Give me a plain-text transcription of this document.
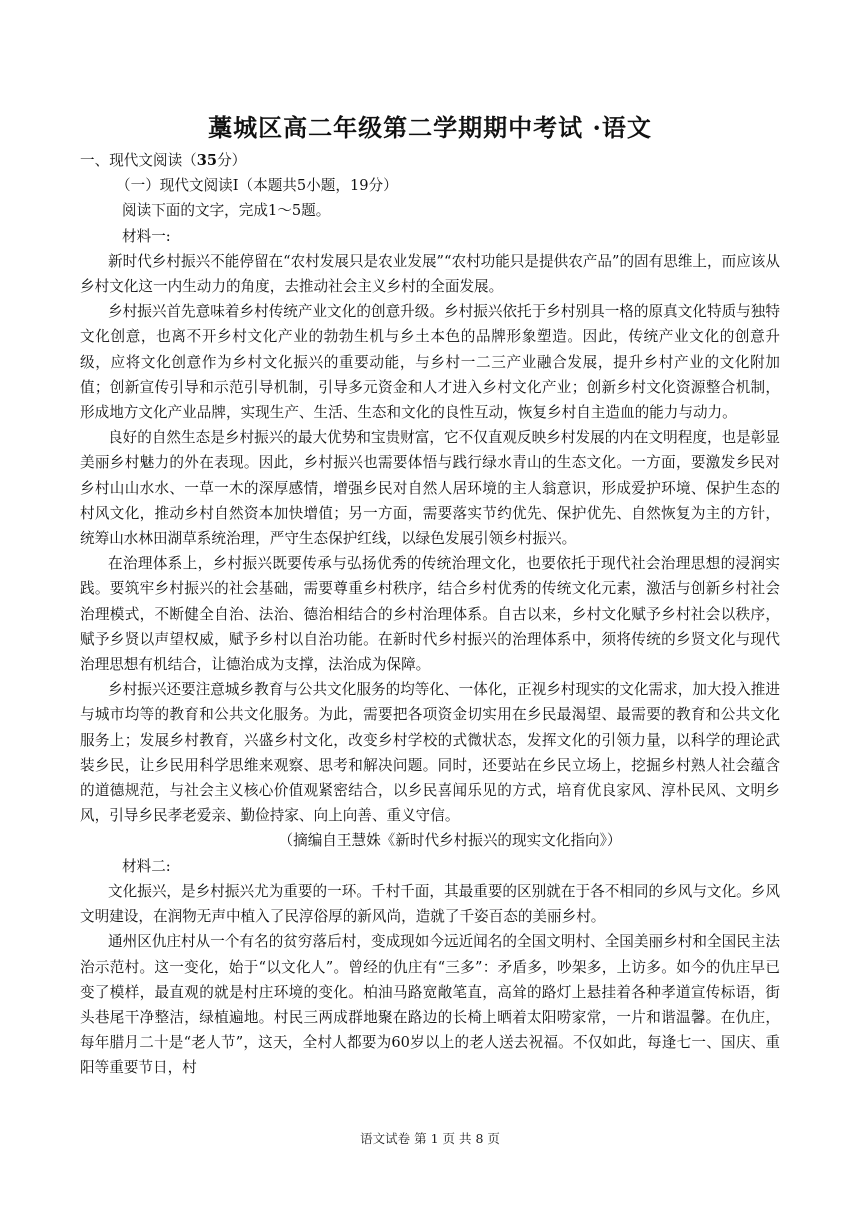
藁城区高二年级第二学期期中考试 ·语文

一、现代文阅读（35分）

（一）现代文阅读Ⅰ（本题共5小题，19分）

阅读下面的文字，完成1～5题。

材料一:

新时代乡村振兴不能停留在“农村发展只是农业发展”“农村功能只是提供农产品”的固有思维上，而应该从乡村文化这一内生动力的角度，去推动社会主义乡村的全面发展。

乡村振兴首先意味着乡村传统产业文化的创意升级。乡村振兴依托于乡村别具一格的原真文化特质与独特文化创意，也离不开乡村文化产业的勃勃生机与乡土本色的品牌形象塑造。因此，传统产业文化的创意升级，应将文化创意作为乡村文化振兴的重要动能，与乡村一二三产业融合发展，提升乡村产业的文化附加值；创新宣传引导和示范引导机制，引导多元资金和人才进入乡村文化产业；创新乡村文化资源整合机制，形成地方文化产业品牌，实现生产、生活、生态和文化的良性互动，恢复乡村自主造血的能力与动力。

良好的自然生态是乡村振兴的最大优势和宝贵财富，它不仅直观反映乡村发展的内在文明程度，也是彰显美丽乡村魅力的外在表现。因此，乡村振兴也需要体悟与践行绿水青山的生态文化。一方面，要激发乡民对乡村山山水水、一草一木的深厚感情，增强乡民对自然人居环境的主人翁意识，形成爱护环境、保护生态的村风文化，推动乡村自然资本加快增值；另一方面，需要落实节约优先、保护优先、自然恢复为主的方针，统筹山水林田湖草系统治理，严守生态保护红线，以绿色发展引领乡村振兴。

在治理体系上，乡村振兴既要传承与弘扬优秀的传统治理文化，也要依托于现代社会治理思想的浸润实践。要筑牢乡村振兴的社会基础，需要尊重乡村秩序，结合乡村优秀的传统文化元素，激活与创新乡村社会治理模式，不断健全自治、法治、德治相结合的乡村治理体系。自古以来，乡村文化赋予乡村社会以秩序，赋予乡贤以声望权威，赋予乡村以自治功能。在新时代乡村振兴的治理体系中，须将传统的乡贤文化与现代治理思想有机结合，让德治成为支撑，法治成为保障。

乡村振兴还要注意城乡教育与公共文化服务的均等化、一体化，正视乡村现实的文化需求，加大投入推进与城市均等的教育和公共文化服务。为此，需要把各项资金切实用在乡民最渴望、最需要的教育和公共文化服务上；发展乡村教育，兴盛乡村文化，改变乡村学校的式微状态，发挥文化的引领力量，以科学的理论武装乡民，让乡民用科学思维来观察、思考和解决问题。同时，还要站在乡民立场上，挖掘乡村熟人社会蕴含的道德规范，与社会主义核心价值观紧密结合，以乡民喜闻乐见的方式，培育优良家风、淳朴民风、文明乡风，引导乡民孝老爱亲、勤俭持家、向上向善、重义守信。

（摘编自王慧姝《新时代乡村振兴的现实文化指向》）

材料二:

文化振兴，是乡村振兴尤为重要的一环。千村千面，其最重要的区别就在于各不相同的乡风与文化。乡风文明建设，在润物无声中植入了民淳俗厚的新风尚，造就了千姿百态的美丽乡村。

通州区仇庄村从一个有名的贫穷落后村，变成现如今远近闻名的全国文明村、全国美丽乡村和全国民主法治示范村。这一变化，始于“以文化人”。曾经的仇庄有“三多”：矛盾多，吵架多，上访多。如今的仇庄早已变了模样，最直观的就是村庄环境的变化。柏油马路宽敞笔直，高耸的路灯上悬挂着各种孝道宣传标语，街头巷尾干净整洁，绿植遍地。村民三两成群地聚在路边的长椅上晒着太阳唠家常，一片和谐温馨。在仇庄，每年腊月二十是“老人节”，这天，全村人都要为60岁以上的老人送去祝福。不仅如此，每逢七一、国庆、重阳等重要节日，村

语文试卷 第 1 页 共 8 页
